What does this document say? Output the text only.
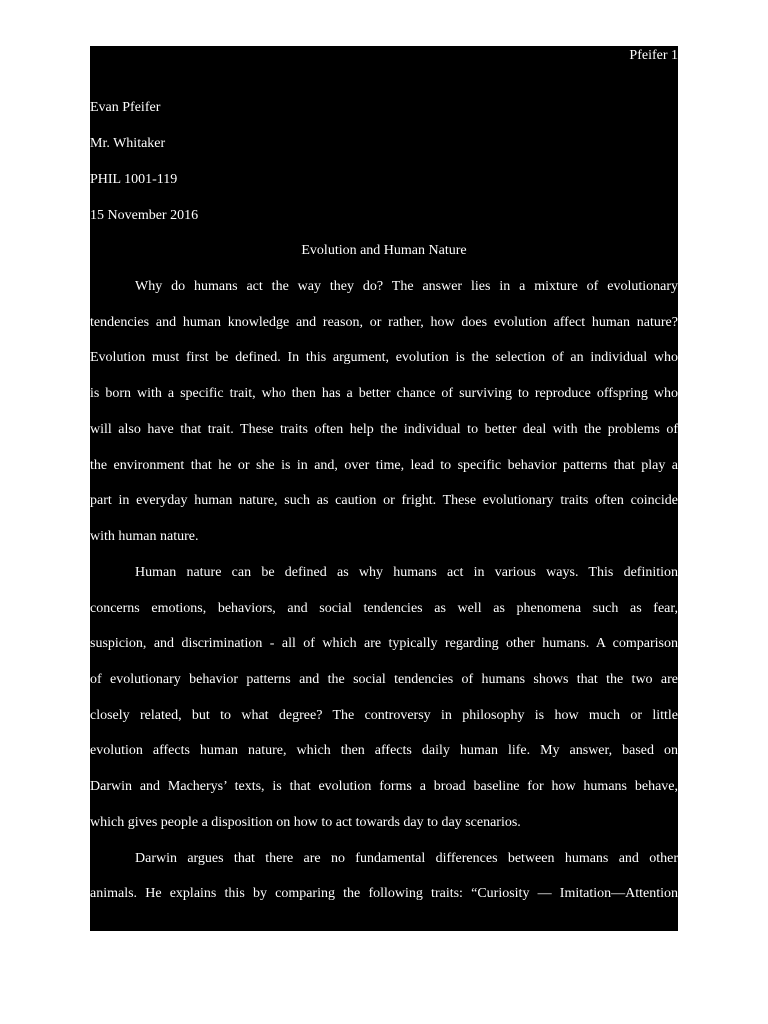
Pfeifer 1
Evan Pfeifer
Mr. Whitaker
PHIL 1001-119
15 November 2016
Evolution and Human Nature
Why do humans act the way they do? The answer lies in a mixture of evolutionary
tendencies and human knowledge and reason, or rather, how does evolution affect human nature?
Evolution must first be defined. In this argument, evolution is the selection of an individual who
is born with a specific trait, who then has a better chance of surviving to reproduce offspring who
will also have that trait. These traits often help the individual to better deal with the problems of
the environment that he or she is in and, over time, lead to specific behavior patterns that play a
part in everyday human nature, such as caution or fright. These evolutionary traits often coincide
with human nature.
Human nature can be defined as why humans act in various ways. This definition
concerns emotions, behaviors, and social tendencies as well as phenomena such as fear,
suspicion, and discrimination - all of which are typically regarding other humans. A comparison
of evolutionary behavior patterns and the social tendencies of humans shows that the two are
closely related, but to what degree? The controversy in philosophy is how much or little
evolution affects human nature, which then affects daily human life. My answer, based on
Darwin and Macherys’ texts, is that evolution forms a broad baseline for how humans behave,
which gives people a disposition on how to act towards day to day scenarios.
Darwin argues that there are no fundamental differences between humans and other
animals. He explains this by comparing the following traits: “Curiosity — Imitation—Attention
